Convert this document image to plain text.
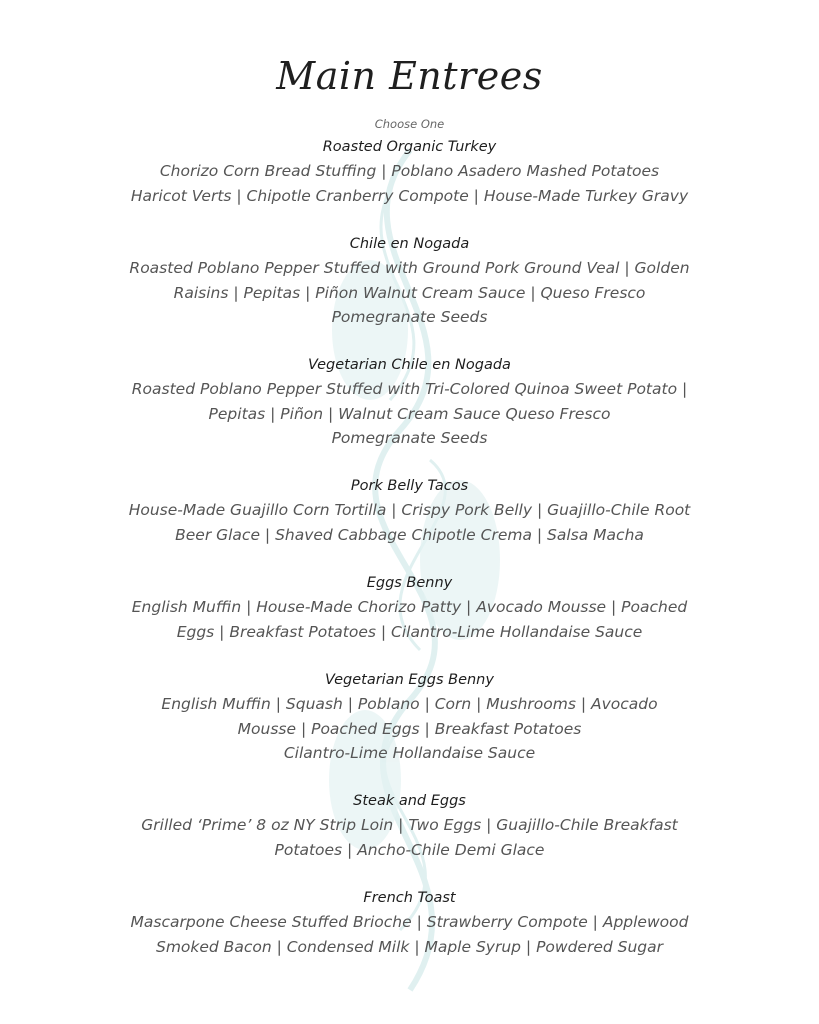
Main Entrees
Choose One
Roasted Organic Turkey
Chorizo Corn Bread Stuffing | Poblano Asadero Mashed Potatoes
Haricot Verts | Chipotle Cranberry Compote | House-Made Turkey Gravy
Chile en Nogada
Roasted Poblano Pepper Stuffed with Ground Pork Ground Veal | Golden
Raisins | Pepitas | Piñon Walnut Cream Sauce | Queso Fresco
Pomegranate Seeds
Vegetarian Chile en Nogada
Roasted Poblano Pepper Stuffed with Tri-Colored Quinoa Sweet Potato |
Pepitas | Piñon | Walnut Cream Sauce Queso Fresco
Pomegranate Seeds
Pork Belly Tacos
House-Made Guajillo Corn Tortilla | Crispy Pork Belly | Guajillo-Chile Root
Beer Glace | Shaved Cabbage Chipotle Crema | Salsa Macha
Eggs Benny
English Muffin | House-Made Chorizo Patty | Avocado Mousse | Poached
Eggs | Breakfast Potatoes | Cilantro-Lime Hollandaise Sauce
Vegetarian Eggs Benny
English Muffin | Squash | Poblano | Corn | Mushrooms | Avocado
Mousse | Poached Eggs | Breakfast Potatoes
Cilantro-Lime Hollandaise Sauce
Steak and Eggs
Grilled ‘Prime’ 8 oz NY Strip Loin | Two Eggs | Guajillo-Chile Breakfast
Potatoes | Ancho-Chile Demi Glace
French Toast
Mascarpone Cheese Stuffed Brioche | Strawberry Compote | Applewood
Smoked Bacon | Condensed Milk | Maple Syrup | Powdered Sugar
